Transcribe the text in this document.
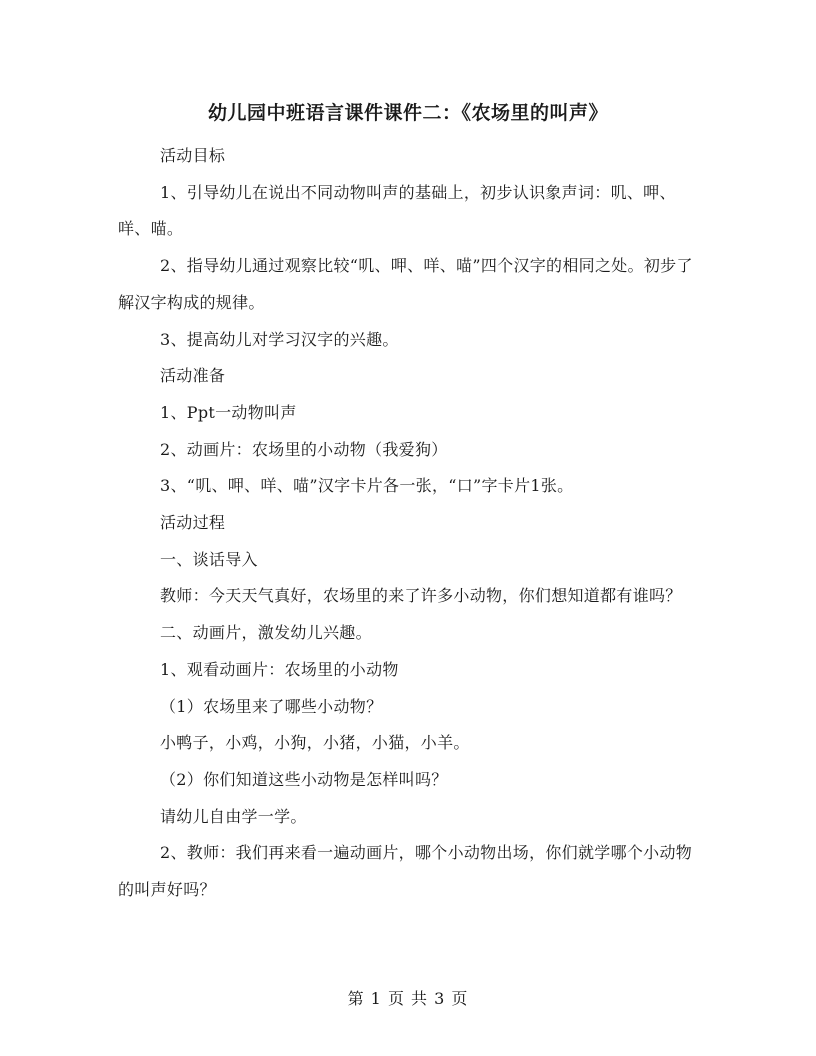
幼儿园中班语言课件课件二：《农场里的叫声》

活动目标

1、引导幼儿在说出不同动物叫声的基础上，初步认识象声词：叽、呷、咩、喵。

2、指导幼儿通过观察比较“叽、呷、咩、喵”四个汉字的相同之处。初步了解汉字构成的规律。

3、提高幼儿对学习汉字的兴趣。

活动准备

1、Ppt一动物叫声

2、动画片：农场里的小动物（我爱狗）

3、“叽、呷、咩、喵”汉字卡片各一张，“口”字卡片1张。

活动过程

一、谈话导入

教师：今天天气真好，农场里的来了许多小动物，你们想知道都有谁吗？

二、动画片，激发幼儿兴趣。

1、观看动画片：农场里的小动物

（1）农场里来了哪些小动物？

小鸭子，小鸡，小狗，小猪，小猫，小羊。

（2）你们知道这些小动物是怎样叫吗？

请幼儿自由学一学。

2、教师：我们再来看一遍动画片，哪个小动物出场，你们就学哪个小动物的叫声好吗？

第 1 页 共 3 页
